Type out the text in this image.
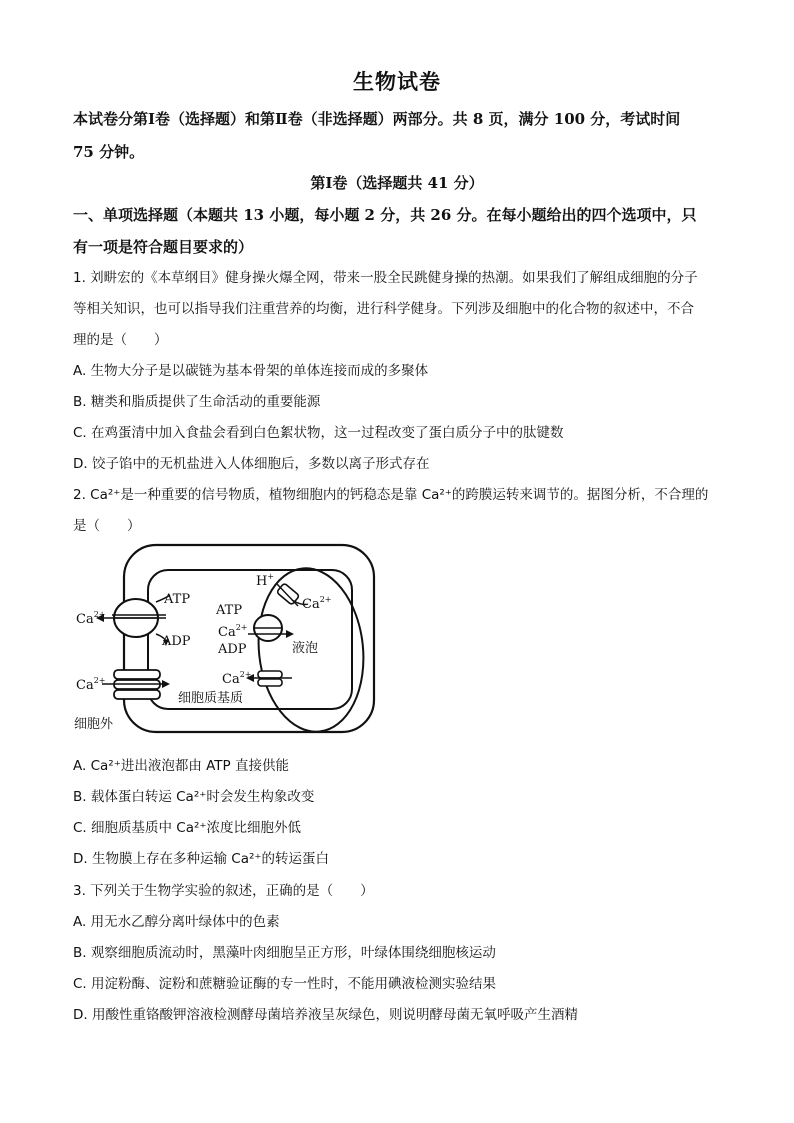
生物试卷
本试卷分第Ⅰ卷（选择题）和第Ⅱ卷（非选择题）两部分。共 8 页，满分 100 分，考试时间
75 分钟。
第Ⅰ卷（选择题共 41 分）
一、单项选择题（本题共 13 小题，每小题 2 分，共 26 分。在每小题给出的四个选项中，只
有一项是符合题目要求的）
1. 刘畊宏的《本草纲目》健身操火爆全网，带来一股全民跳健身操的热潮。如果我们了解组成细胞的分子
等相关知识，也可以指导我们注重营养的均衡，进行科学健身。下列涉及细胞中的化合物的叙述中，不合
理的是（　　）
A. 生物大分子是以碳链为基本骨架的单体连接而成的多聚体
B. 糖类和脂质提供了生命活动的重要能源
C. 在鸡蛋清中加入食盐会看到白色絮状物，这一过程改变了蛋白质分子中的肽键数
D. 饺子馅中的无机盐进入人体细胞后，多数以离子形式存在
2. Ca²⁺是一种重要的信号物质，植物细胞内的钙稳态是靠 Ca²⁺的跨膜运转来调节的。据图分析，不合理的
是（　　）
ATP
ADP
$Ca^{2+}$
$Ca^{2+}$
液泡
H+
$Ca^{2+}$
ATP
$Ca^{2+}$
ADP
$Ca^{2+}$
细胞质基质
细胞外
A. Ca²⁺进出液泡都由 ATP 直接供能
B. 载体蛋白转运 Ca²⁺时会发生构象改变
C. 细胞质基质中 Ca²⁺浓度比细胞外低
D. 生物膜上存在多种运输 Ca²⁺的转运蛋白
3. 下列关于生物学实验的叙述，正确的是（　　）
A. 用无水乙醇分离叶绿体中的色素
B. 观察细胞质流动时，黑藻叶肉细胞呈正方形，叶绿体围绕细胞核运动
C. 用淀粉酶、淀粉和蔗糖验证酶的专一性时，不能用碘液检测实验结果
D. 用酸性重铬酸钾溶液检测酵母菌培养液呈灰绿色，则说明酵母菌无氧呼吸产生酒精
